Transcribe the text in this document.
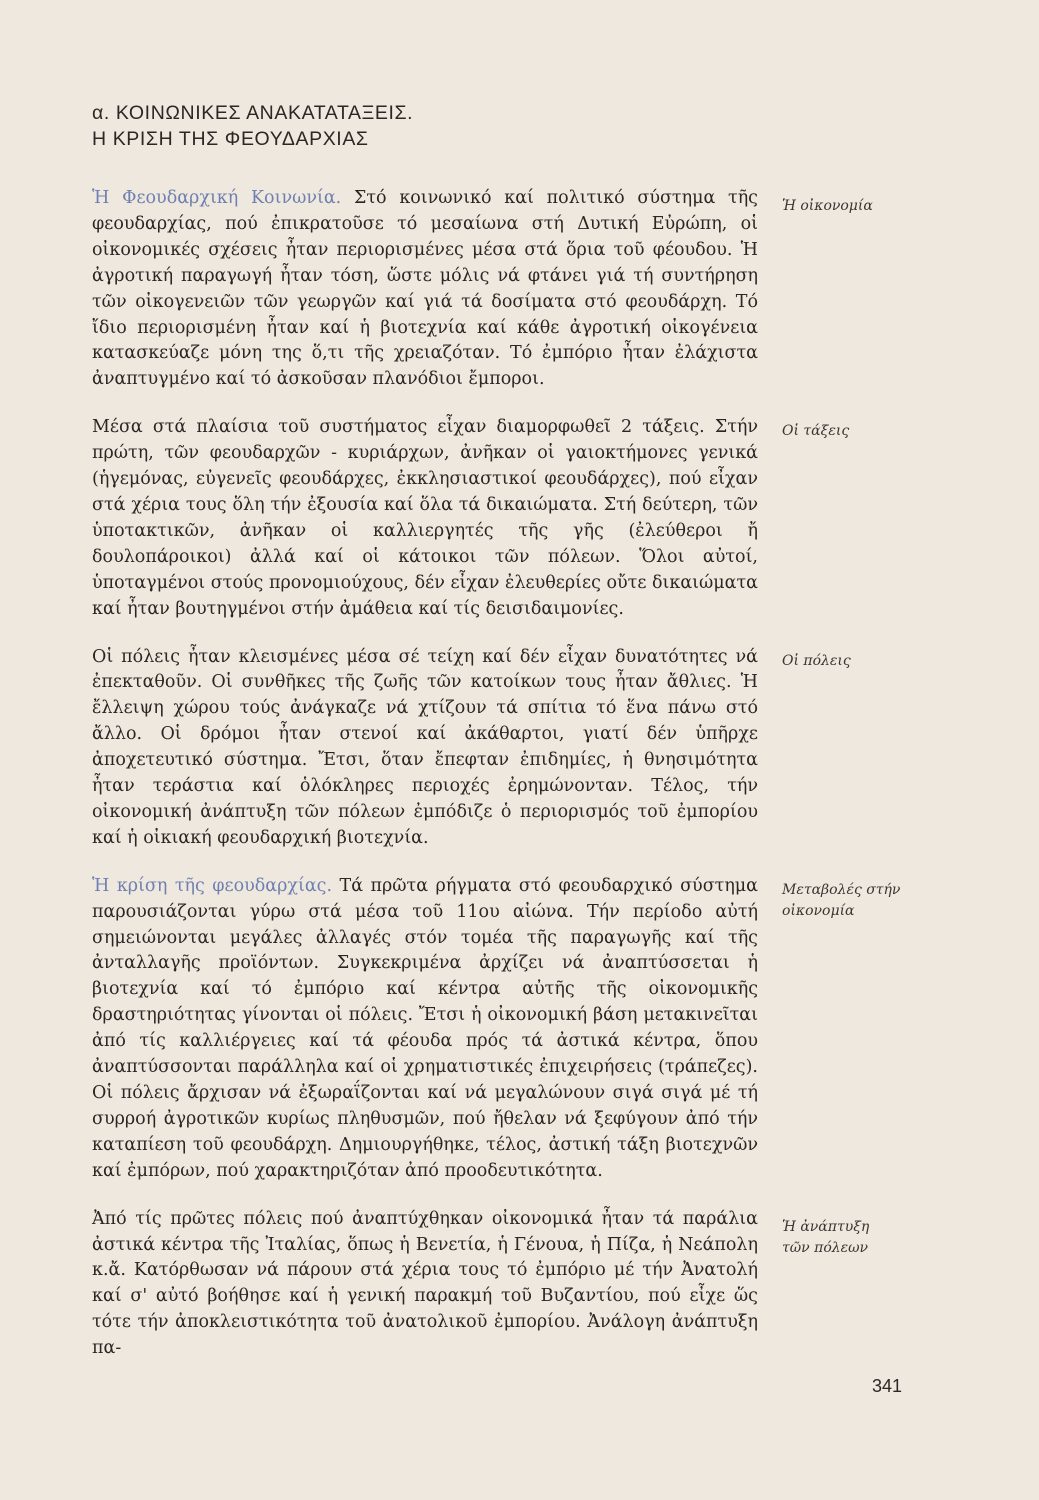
α. ΚΟΙΝΩΝΙΚΕΣ ΑΝΑΚΑΤΑΤΑΞΕΙΣ.
Η ΚΡΙΣΗ ΤΗΣ ΦΕΟΥΔΑΡΧΙΑΣ

Ἡ Φεουδαρχική Κοινωνία. Στό κοινωνικό καί πολιτικό σύστημα τῆς φεουδαρχίας, πού ἐπικρατοῦσε τό μεσαίωνα στή Δυτική Εὐρώπη, οἱ οἰκονομικές σχέσεις ἦταν περιορισμένες μέσα στά ὅρια τοῦ φέουδου. Ἡ ἀγροτική παραγωγή ἦταν τόση, ὥστε μόλις νά φτάνει γιά τή συντήρηση τῶν οἰκογενειῶν τῶν γεωργῶν καί γιά τά δοσίματα στό φεουδάρχη. Τό ἴδιο περιορισμένη ἦταν καί ἡ βιοτεχνία καί κάθε ἀγροτική οἰκογένεια κατασκεύαζε μόνη της ὅ,τι τῆς χρειαζόταν. Τό ἐμπόριο ἦταν ἐλάχιστα ἀναπτυγμένο καί τό ἀσκοῦσαν πλανόδιοι ἔμποροι.

Μέσα στά πλαίσια τοῦ συστήματος εἶχαν διαμορφωθεῖ 2 τάξεις. Στήν πρώτη, τῶν φεουδαρχῶν - κυριάρχων, ἀνῆκαν οἱ γαιοκτήμονες γενικά (ἡγεμόνας, εὐγενεῖς φεουδάρχες, ἐκκλησιαστικοί φεουδάρχες), πού εἶχαν στά χέρια τους ὅλη τήν ἐξουσία καί ὅλα τά δικαιώματα. Στή δεύτερη, τῶν ὑποτακτικῶν, ἀνῆκαν οἱ καλλιεργητές τῆς γῆς (ἐλεύθεροι ἤ δουλοπάροικοι) ἀλλά καί οἱ κάτοικοι τῶν πόλεων. Ὅλοι αὐτοί, ὑποταγμένοι στούς προνομιούχους, δέν εἶχαν ἐλευθερίες οὔτε δικαιώματα καί ἦταν βουτηγμένοι στήν ἀμάθεια καί τίς δεισιδαιμονίες.

Οἱ πόλεις ἦταν κλεισμένες μέσα σέ τείχη καί δέν εἶχαν δυνατότητες νά ἐπεκταθοῦν. Οἱ συνθῆκες τῆς ζωῆς τῶν κατοίκων τους ἦταν ἄθλιες. Ἡ ἔλλειψη χώρου τούς ἀνάγκαζε νά χτίζουν τά σπίτια τό ἕνα πάνω στό ἄλλο. Οἱ δρόμοι ἦταν στενοί καί ἀκάθαρτοι, γιατί δέν ὑπῆρχε ἀποχετευτικό σύστημα. Ἔτσι, ὅταν ἔπεφταν ἐπιδημίες, ἡ θνησιμότητα ἦταν τεράστια καί ὁλόκληρες περιοχές ἐρημώνονταν. Τέλος, τήν οἰκονομική ἀνάπτυξη τῶν πόλεων ἐμπόδιζε ὁ περιορισμός τοῦ ἐμπορίου καί ἡ οἰκιακή φεουδαρχική βιοτεχνία.

Ἡ κρίση τῆς φεουδαρχίας. Τά πρῶτα ρήγματα στό φεουδαρχικό σύστημα παρουσιάζονται γύρω στά μέσα τοῦ 11ου αἰώνα. Τήν περίοδο αὐτή σημειώνονται μεγάλες ἀλλαγές στόν τομέα τῆς παραγωγῆς καί τῆς ἀνταλλαγῆς προϊόντων. Συγκεκριμένα ἀρχίζει νά ἀναπτύσσεται ἡ βιοτεχνία καί τό ἐμπόριο καί κέντρα αὐτῆς τῆς οἰκονομικῆς δραστηριότητας γίνονται οἱ πόλεις. Ἔτσι ἡ οἰκονομική βάση μετακινεῖται ἀπό τίς καλλιέργειες καί τά φέουδα πρός τά ἀστικά κέντρα, ὅπου ἀναπτύσσονται παράλληλα καί οἱ χρηματιστικές ἐπιχειρήσεις (τράπεζες). Οἱ πόλεις ἄρχισαν νά ἐξωραΐζονται καί νά μεγαλώνουν σιγά σιγά μέ τή συρροή ἀγροτικῶν κυρίως πληθυσμῶν, πού ἤθελαν νά ξεφύγουν ἀπό τήν καταπίεση τοῦ φεουδάρχη. Δημιουργήθηκε, τέλος, ἀστική τάξη βιοτεχνῶν καί ἐμπόρων, πού χαρακτηριζόταν ἀπό προοδευτικότητα.

Ἀπό τίς πρῶτες πόλεις πού ἀναπτύχθηκαν οἰκονομικά ἦταν τά παράλια ἀστικά κέντρα τῆς Ἰταλίας, ὅπως ἡ Βενετία, ἡ Γένουα, ἡ Πίζα, ἡ Νεάπολη κ.ἄ. Κατόρθωσαν νά πάρουν στά χέρια τους τό ἐμπόριο μέ τήν Ἀνατολή καί σ' αὐτό βοήθησε καί ἡ γενική παρακμή τοῦ Βυζαντίου, πού εἶχε ὥς τότε τήν ἀποκλειστικότητα τοῦ ἀνατολικοῦ ἐμπορίου. Ἀνάλογη ἀνάπτυξη πα-

Ἡ οἰκονομία
Οἱ τάξεις
Οἱ πόλεις
Μεταβολές στήν οἰκονομία
Ἡ ἀνάπτυξη τῶν πόλεων
341
